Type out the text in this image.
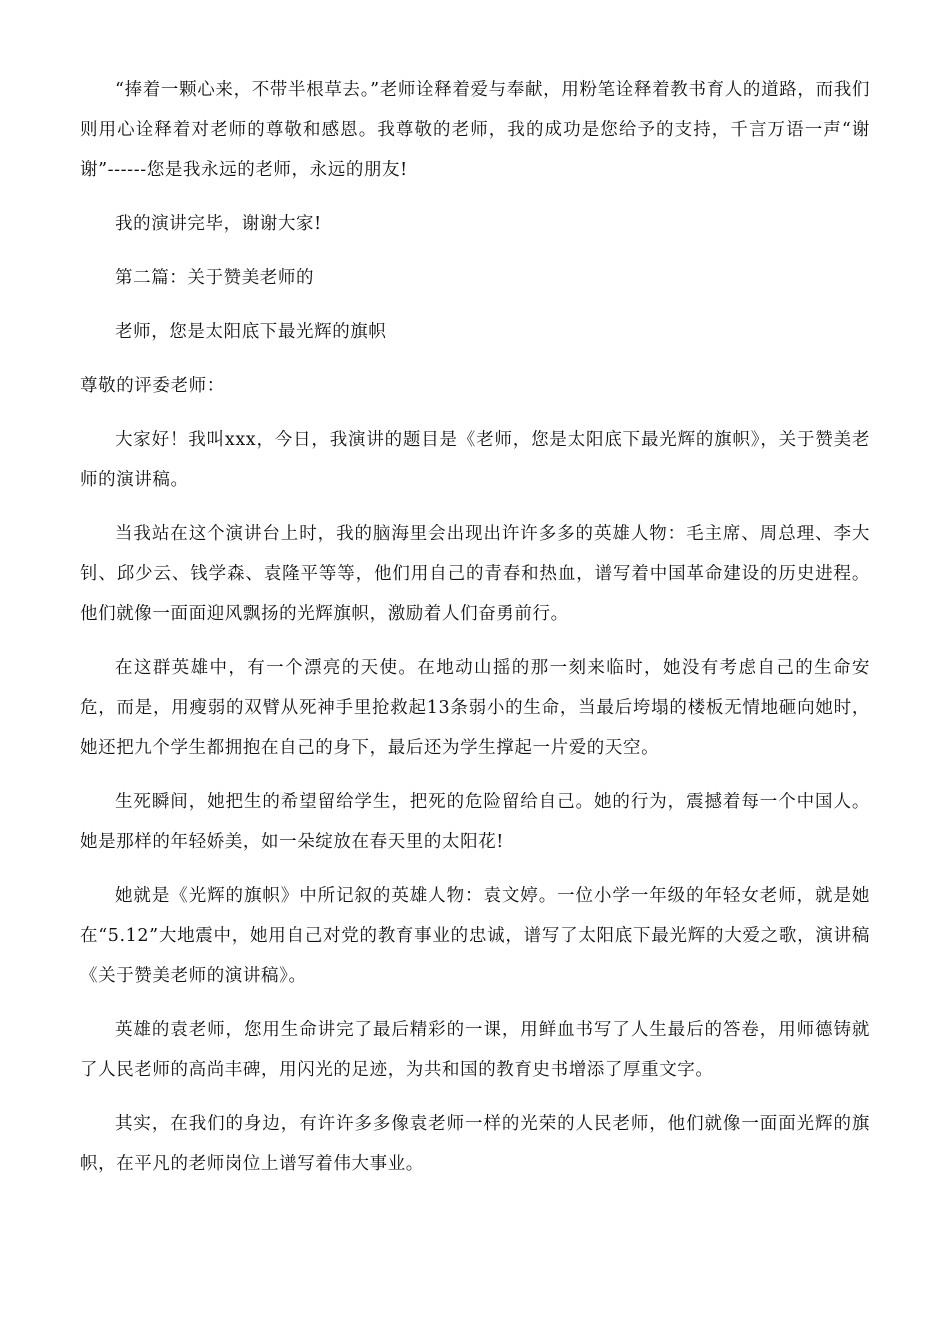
“捧着一颗心来，不带半根草去。”老师诠释着爱与奉献，用粉笔诠释着教书育人的道路，而我们则用心诠释着对老师的尊敬和感恩。我尊敬的老师，我的成功是您给予的支持，千言万语一声“谢谢”------您是我永远的老师，永远的朋友!

我的演讲完毕，谢谢大家!

第二篇：关于赞美老师的

老师，您是太阳底下最光辉的旗帜

尊敬的评委老师：

大家好！我叫xxx，今日，我演讲的题目是《老师，您是太阳底下最光辉的旗帜》，关于赞美老师的演讲稿。

当我站在这个演讲台上时，我的脑海里会出现出许许多多的英雄人物：毛主席、周总理、李大钊、邱少云、钱学森、袁隆平等等，他们用自己的青春和热血，谱写着中国革命建设的历史进程。他们就像一面面迎风飘扬的光辉旗帜，激励着人们奋勇前行。

在这群英雄中，有一个漂亮的天使。在地动山摇的那一刻来临时，她没有考虑自己的生命安危，而是，用瘦弱的双臂从死神手里抢救起13条弱小的生命，当最后垮塌的楼板无情地砸向她时，她还把九个学生都拥抱在自己的身下，最后还为学生撑起一片爱的天空。

生死瞬间，她把生的希望留给学生，把死的危险留给自己。她的行为，震撼着每一个中国人。她是那样的年轻娇美，如一朵绽放在春天里的太阳花!

她就是《光辉的旗帜》中所记叙的英雄人物：袁文婷。一位小学一年级的年轻女老师，就是她在“5.12”大地震中，她用自己对党的教育事业的忠诚，谱写了太阳底下最光辉的大爱之歌，演讲稿《关于赞美老师的演讲稿》。

英雄的袁老师，您用生命讲完了最后精彩的一课，用鲜血书写了人生最后的答卷，用师德铸就了人民老师的高尚丰碑，用闪光的足迹，为共和国的教育史书增添了厚重文字。

其实，在我们的身边，有许许多多像袁老师一样的光荣的人民老师，他们就像一面面光辉的旗帜，在平凡的老师岗位上谱写着伟大事业。
